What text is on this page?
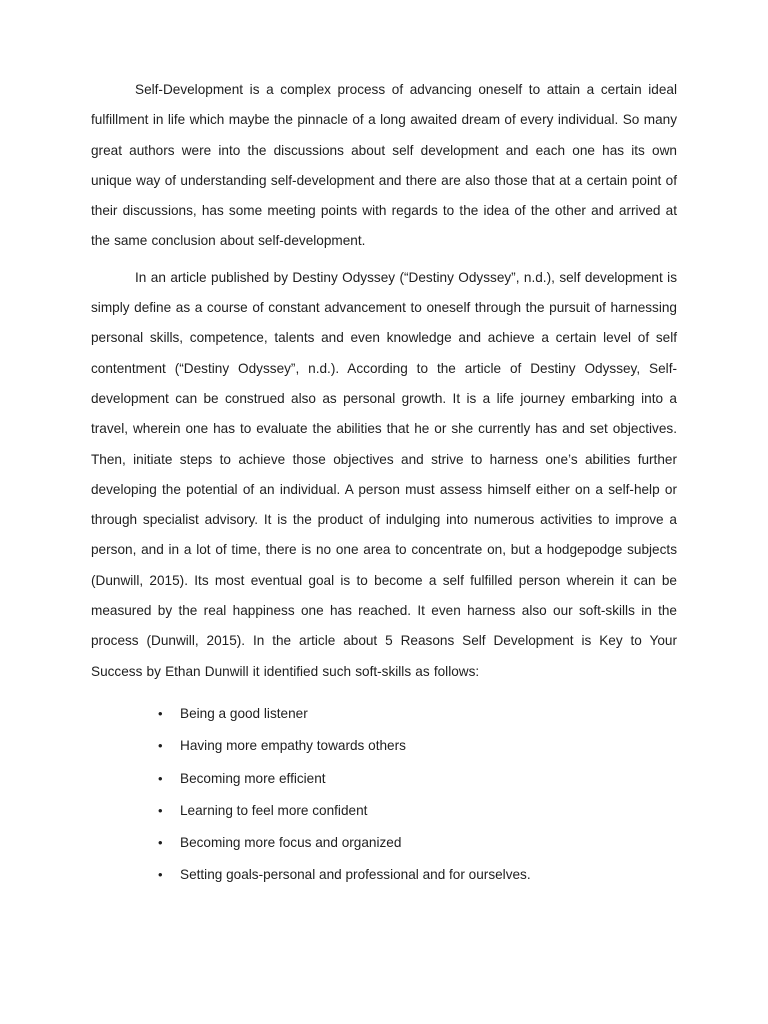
Self-Development is a complex process of advancing oneself to attain a certain ideal fulfillment in life which maybe the pinnacle of a long awaited dream of every individual. So many great authors were into the discussions about self development and each one has its own unique way of understanding self-development and there are also those that at a certain point of their discussions, has some meeting points with regards to the idea of the other and arrived at the same conclusion about self-development.

In an article published by Destiny Odyssey (“Destiny Odyssey”, n.d.), self development is simply define as a course of constant advancement to oneself through the pursuit of harnessing personal skills, competence, talents and even knowledge and achieve a certain level of self contentment (“Destiny Odyssey”, n.d.). According to the article of Destiny Odyssey, Self-development can be construed also as personal growth. It is a life journey embarking into a travel, wherein one has to evaluate the abilities that he or she currently has and set objectives. Then, initiate steps to achieve those objectives and strive to harness one’s abilities further developing the potential of an individual. A person must assess himself either on a self-help or through specialist advisory. It is the product of indulging into numerous activities to improve a person, and in a lot of time, there is no one area to concentrate on, but a hodgepodge subjects (Dunwill, 2015). Its most eventual goal is to become a self fulfilled person wherein it can be measured by the real happiness one has reached. It even harness also our soft-skills in the process (Dunwill, 2015). In the article about 5 Reasons Self Development is Key to Your Success by Ethan Dunwill it identified such soft-skills as follows:

• Being a good listener
• Having more empathy towards others
• Becoming more efficient
• Learning to feel more confident
• Becoming more focus and organized
• Setting goals-personal and professional and for ourselves.
